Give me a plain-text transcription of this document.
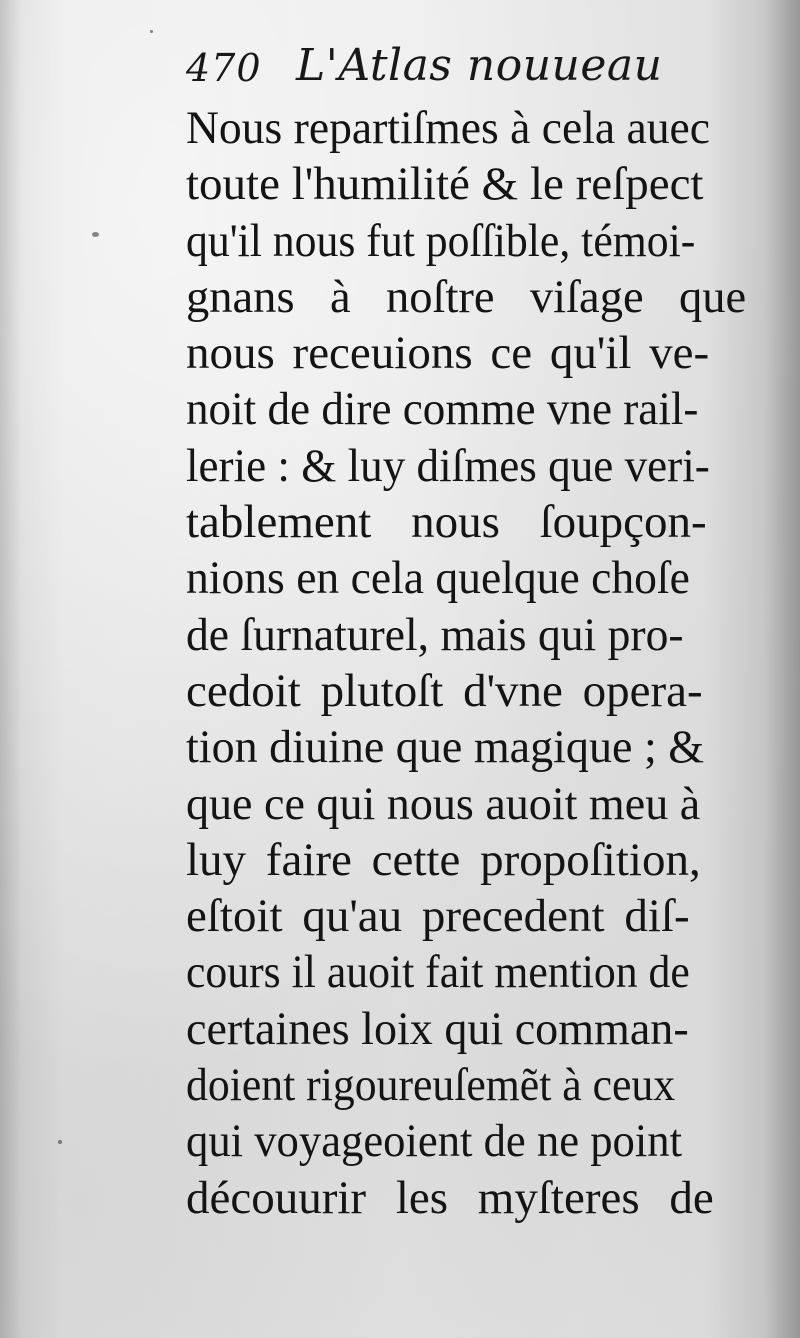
470 L'Atlas nouueau
Nous repartiſmes à cela auec
toute l'humilité & le reſpect
qu'il nous fut poſſible, témoi-
gnans à noſtre viſage que
nous receuions ce qu'il ve-
noit de dire comme vne rail-
lerie : & luy diſmes que veri-
tablement nous ſoupçon-
nions en cela quelque choſe
de ſurnaturel, mais qui pro-
cedoit plutoſt d'vne opera-
tion diuine que magique ; &
que ce qui nous auoit meu à
luy faire cette propoſition,
eſtoit qu'au precedent diſ-
cours il auoit fait mention de
certaines loix qui comman-
doient rigoureuſemẽt à ceux
qui voyageoient de ne point
découurir les myſteres de
